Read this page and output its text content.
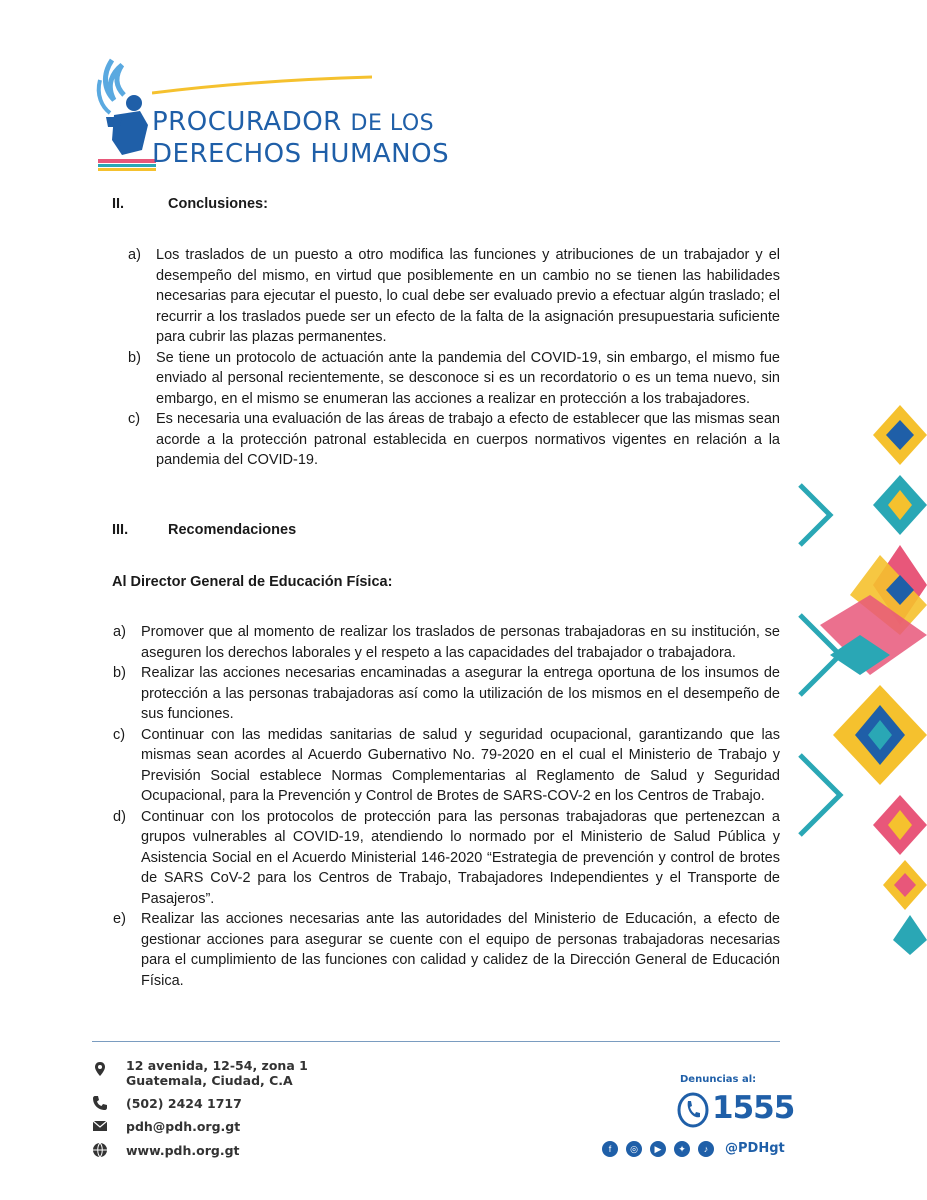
PROCURADOR DE LOS
DERECHOS HUMANOS
II.	Conclusiones:
a) Los traslados de un puesto a otro modifica las funciones y atribuciones de un trabajador y el desempeño del mismo, en virtud que posiblemente en un cambio no se tienen las habilidades necesarias para ejecutar el puesto, lo cual debe ser evaluado previo a efectuar algún traslado; el recurrir a los traslados puede ser un efecto de la falta de la asignación presupuestaria suficiente para cubrir las plazas permanentes.
b) Se tiene un protocolo de actuación ante la pandemia del COVID-19, sin embargo, el mismo fue enviado al personal recientemente, se desconoce si es un recordatorio o es un tema nuevo, sin embargo, en el mismo se enumeran las acciones a realizar en protección a los trabajadores.
c) Es necesaria una evaluación de las áreas de trabajo a efecto de establecer que las mismas sean acorde a la protección patronal establecida en cuerpos normativos vigentes en relación a la pandemia del COVID-19.
III.	Recomendaciones
Al Director General de Educación Física:
a) Promover que al momento de realizar los traslados de personas trabajadoras en su institución, se aseguren los derechos laborales y el respeto a las capacidades del trabajador o trabajadora.
b) Realizar las acciones necesarias encaminadas a asegurar la entrega oportuna de los insumos de protección a las personas trabajadoras así como la utilización de los mismos en el desempeño de sus funciones.
c) Continuar con las medidas sanitarias de salud y seguridad ocupacional, garantizando que las mismas sean acordes al Acuerdo Gubernativo No. 79-2020 en el cual el Ministerio de Trabajo y Previsión Social establece Normas Complementarias al Reglamento de Salud y Seguridad Ocupacional, para la Prevención y Control de Brotes de SARS-COV-2 en los Centros de Trabajo.
d) Continuar con los protocolos de protección para las personas trabajadoras que pertenezcan a grupos vulnerables al COVID-19, atendiendo lo normado por el Ministerio de Salud Pública y Asistencia Social en el Acuerdo Ministerial 146-2020 “Estrategia de prevención y control de brotes de SARS CoV-2 para los Centros de Trabajo, Trabajadores Independientes y el Transporte de Pasajeros”.
e) Realizar las acciones necesarias ante las autoridades del Ministerio de Educación, a efecto de gestionar acciones para asegurar se cuente con el equipo de personas trabajadoras necesarias para el cumplimiento de las funciones con calidad y calidez de la Dirección General de Educación Física.
12 avenida, 12-54, zona 1
Guatemala, Ciudad, C.A
(502) 2424 1717
pdh@pdh.org.gt
www.pdh.org.gt
Denuncias al:
1555
f	◎	▶	✦	♪	@PDHgt
